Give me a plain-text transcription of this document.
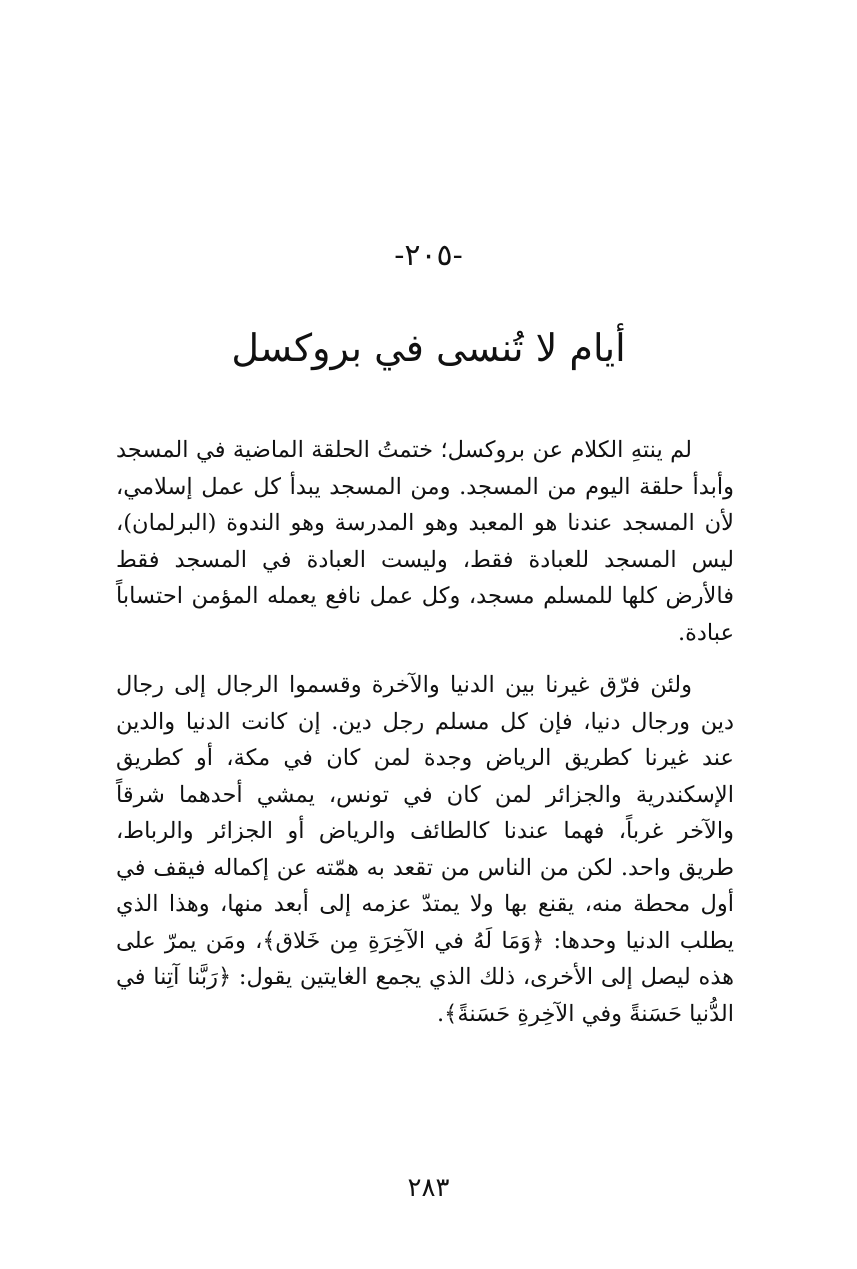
-٢٠٥-
أيام لا تُنسى في بروكسل

لم ينتهِ الكلام عن بروكسل؛ ختمتُ الحلقة الماضية في المسجد وأبدأ حلقة اليوم من المسجد. ومن المسجد يبدأ كل عمل إسلامي، لأن المسجد عندنا هو المعبد وهو المدرسة وهو الندوة (البرلمان)، ليس المسجد للعبادة فقط، وليست العبادة في المسجد فقط فالأرض كلها للمسلم مسجد، وكل عمل نافع يعمله المؤمن احتساباً عبادة.

ولئن فرّق غيرنا بين الدنيا والآخرة وقسموا الرجال إلى رجال دين ورجال دنيا، فإن كل مسلم رجل دين. إن كانت الدنيا والدين عند غيرنا كطريق الرياض وجدة لمن كان في مكة، أو كطريق الإسكندرية والجزائر لمن كان في تونس، يمشي أحدهما شرقاً والآخر غرباً، فهما عندنا كالطائف والرياض أو الجزائر والرباط، طريق واحد. لكن من الناس من تقعد به همّته عن إكماله فيقف في أول محطة منه، يقنع بها ولا يمتدّ عزمه إلى أبعد منها، وهذا الذي يطلب الدنيا وحدها: ﴿وَمَا لَهُ في الآخِرَةِ مِن خَلاق﴾، ومَن يمرّ على هذه ليصل إلى الأخرى، ذلك الذي يجمع الغايتين يقول: ﴿رَبَّنا آتِنا في الدُّنيا حَسَنةً وفي الآخِرةِ حَسَنةً﴾.

٢٨٣
